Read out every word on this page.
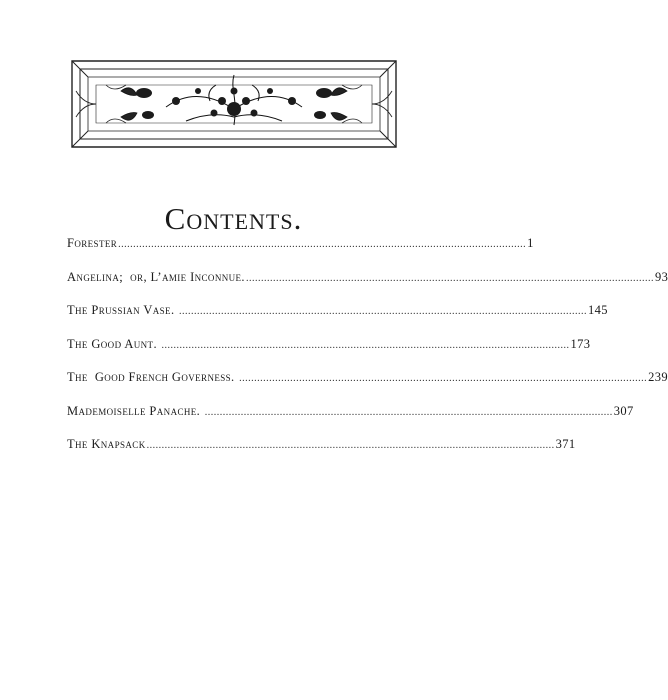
Contents.
Forester ........................................................................................................................................ 1
Angelina;  or, L’amie Inconnue. ........................................................................................................................................ 93
The Prussian Vase. ........................................................................................................................................ 145
The Good Aunt. ........................................................................................................................................ 173
The  Good French Governess. ........................................................................................................................................ 239
Mademoiselle Panache. ........................................................................................................................................ 307
The Knapsack ........................................................................................................................................ 371
